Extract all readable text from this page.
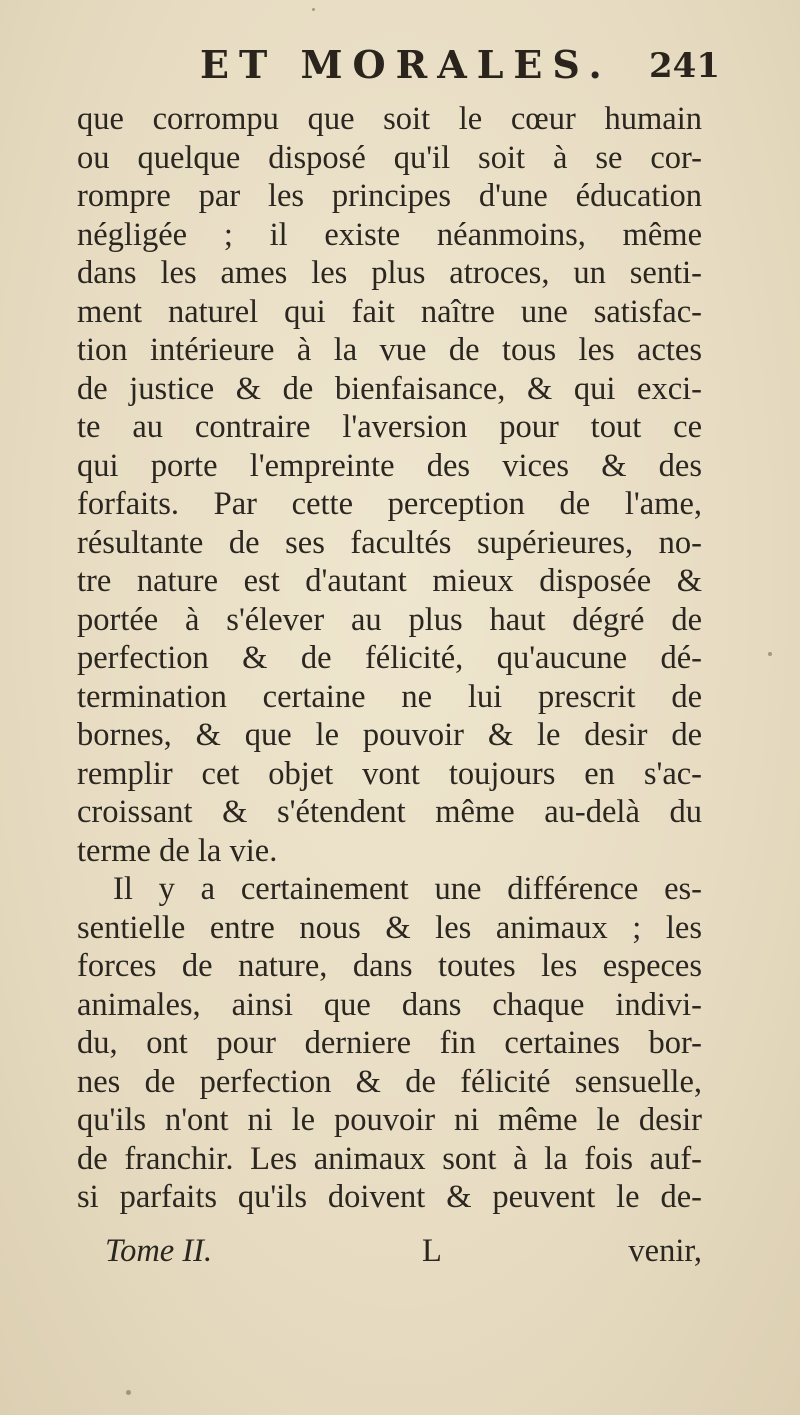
ET MORALES. 241
que corrompu que soit le cœur humain
ou quelque disposé qu'il soit à se cor-
rompre par les principes d'une éducation
négligée ; il existe néanmoins, même
dans les ames les plus atroces, un senti-
ment naturel qui fait naître une satisfac-
tion intérieure à la vue de tous les actes
de justice & de bienfaisance, & qui exci-
te au contraire l'aversion pour tout ce
qui porte l'empreinte des vices & des
forfaits. Par cette perception de l'ame,
résultante de ses facultés supérieures, no-
tre nature est d'autant mieux disposée &
portée à s'élever au plus haut dégré de
perfection & de félicité, qu'aucune dé-
termination certaine ne lui prescrit de
bornes, & que le pouvoir & le desir de
remplir cet objet vont toujours en s'ac-
croissant & s'étendent même au-delà du
terme de la vie.
Il y a certainement une différence es-
sentielle entre nous & les animaux ; les
forces de nature, dans toutes les especes
animales, ainsi que dans chaque indivi-
du, ont pour derniere fin certaines bor-
nes de perfection & de félicité sensuelle,
qu'ils n'ont ni le pouvoir ni même le desir
de franchir. Les animaux sont à la fois auf-
si parfaits qu'ils doivent & peuvent le de-
Tome II.	L	venir,
